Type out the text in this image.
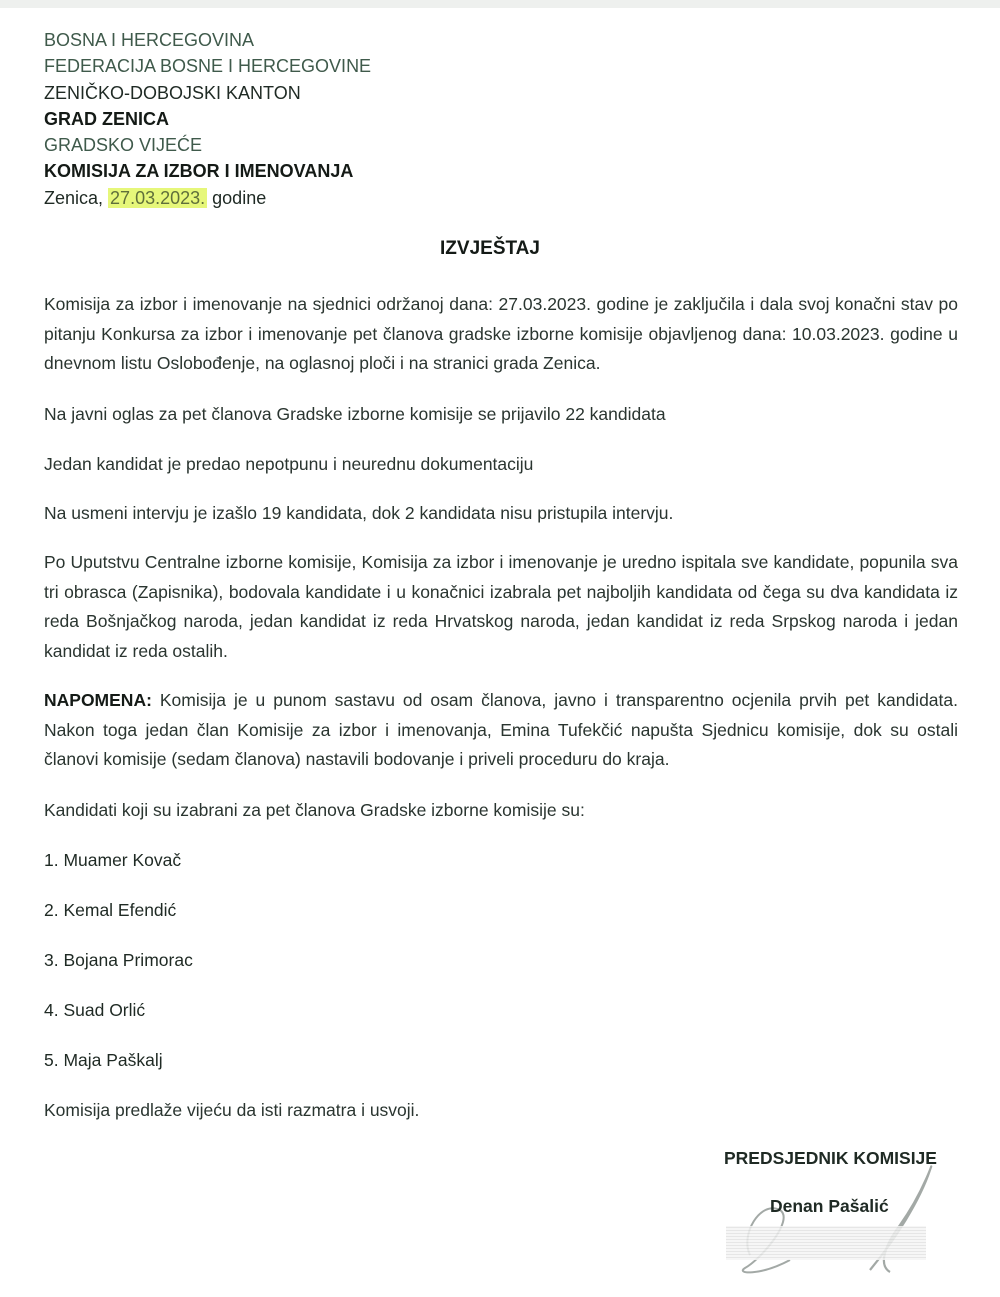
BOSNA I HERCEGOVINA
FEDERACIJA BOSNE I HERCEGOVINE
ZENIČKO-DOBOJSKI KANTON
GRAD ZENICA
GRADSKO VIJEĆE
KOMISIJA ZA IZBOR I IMENOVANJA
Zenica, 27.03.2023. godine
IZVJEŠTAJ
Komisija za izbor i imenovanje na sjednici održanoj dana: 27.03.2023. godine je zaključila i dala svoj konačni stav po pitanju Konkursa za izbor i imenovanje pet članova gradske izborne komisije objavljenog dana: 10.03.2023. godine u dnevnom listu Oslobođenje, na oglasnoj ploči i na stranici grada Zenica.
Na javni oglas za pet članova Gradske izborne komisije se prijavilo 22 kandidata
Jedan kandidat je predao nepotpunu i neurednu dokumentaciju
Na usmeni intervju je izašlo 19 kandidata, dok 2 kandidata nisu pristupila intervju.
Po Uputstvu Centralne izborne komisije, Komisija za izbor i imenovanje je uredno ispitala sve kandidate, popunila sva tri obrasca (Zapisnika), bodovala kandidate i u konačnici izabrala pet najboljih kandidata od čega su dva kandidata iz reda Bošnjačkog naroda, jedan kandidat iz reda Hrvatskog naroda, jedan kandidat iz reda Srpskog naroda i jedan kandidat iz reda ostalih.
NAPOMENA: Komisija je u punom sastavu od osam članova, javno i transparentno ocjenila prvih pet kandidata. Nakon toga jedan član Komisije za izbor i imenovanja, Emina Tufekčić napušta Sjednicu komisije, dok su ostali članovi komisije (sedam članova) nastavili bodovanje i priveli proceduru do kraja.
Kandidati koji su izabrani za pet članova Gradske izborne komisije su:
1. Muamer Kovač
2. Kemal Efendić
3. Bojana Primorac
4. Suad Orlić
5. Maja Paškalj
Komisija predlaže vijeću da isti razmatra i usvoji.
PREDSJEDNIK KOMISIJE
Denan Pašalić
